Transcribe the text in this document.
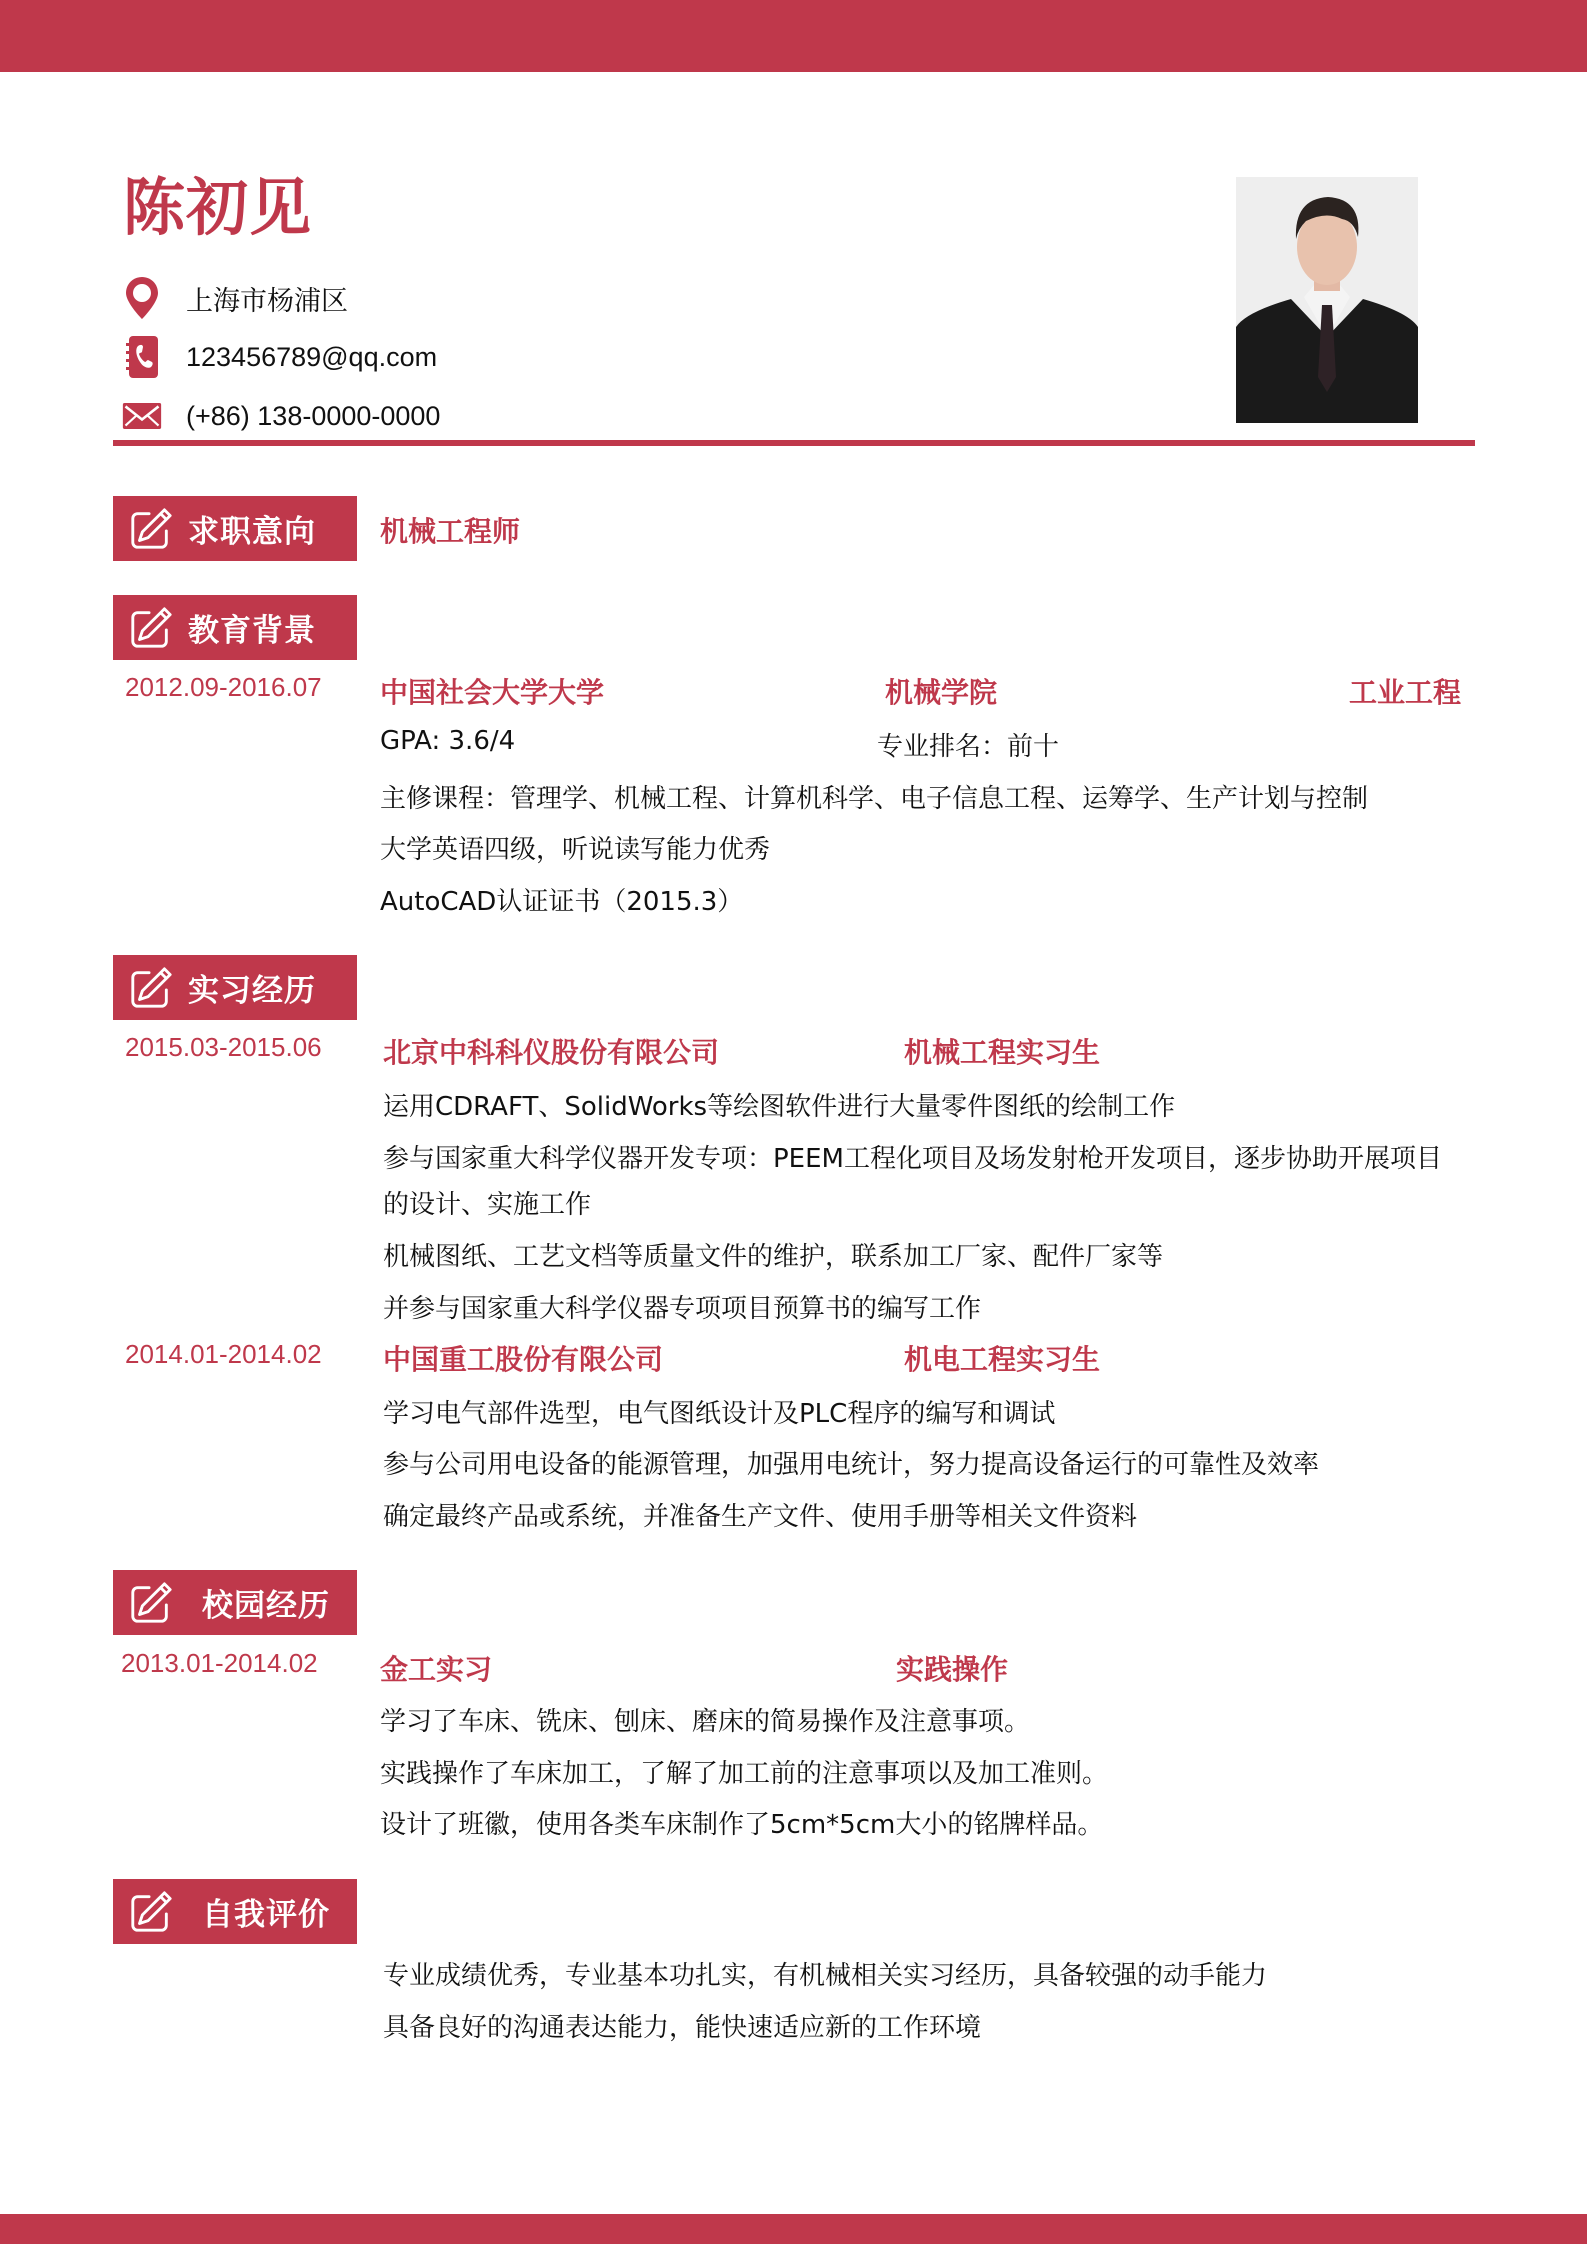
陈初见
上海市杨浦区
123456789@qq.com
(+86) 138-0000-0000
求职意向 机械工程师
教育背景
2012.09-2016.07 中国社会大学大学	机械学院	工业工程
GPA: 3.6/4	专业排名：前十
主修课程：管理学、机械工程、计算机科学、电子信息工程、运筹学、生产计划与控制
大学英语四级，听说读写能力优秀
AutoCAD认证证书（2015.3）
实习经历
2015.03-2015.06 北京中科科仪股份有限公司	机械工程实习生
运用CDRAFT、SolidWorks等绘图软件进行大量零件图纸的绘制工作
参与国家重大科学仪器开发专项：PEEM工程化项目及场发射枪开发项目，逐步协助开展项目
的设计、实施工作
机械图纸、工艺文档等质量文件的维护，联系加工厂家、配件厂家等
并参与国家重大科学仪器专项项目预算书的编写工作
2014.01-2014.02 中国重工股份有限公司	机电工程实习生
学习电气部件选型，电气图纸设计及PLC程序的编写和调试
参与公司用电设备的能源管理，加强用电统计，努力提高设备运行的可靠性及效率
确定最终产品或系统，并准备生产文件、使用手册等相关文件资料
校园经历
2013.01-2014.02 金工实习	实践操作
学习了车床、铣床、刨床、磨床的简易操作及注意事项。
实践操作了车床加工，了解了加工前的注意事项以及加工准则。
设计了班徽，使用各类车床制作了5cm*5cm大小的铭牌样品。
自我评价
专业成绩优秀，专业基本功扎实，有机械相关实习经历，具备较强的动手能力
具备良好的沟通表达能力，能快速适应新的工作环境
